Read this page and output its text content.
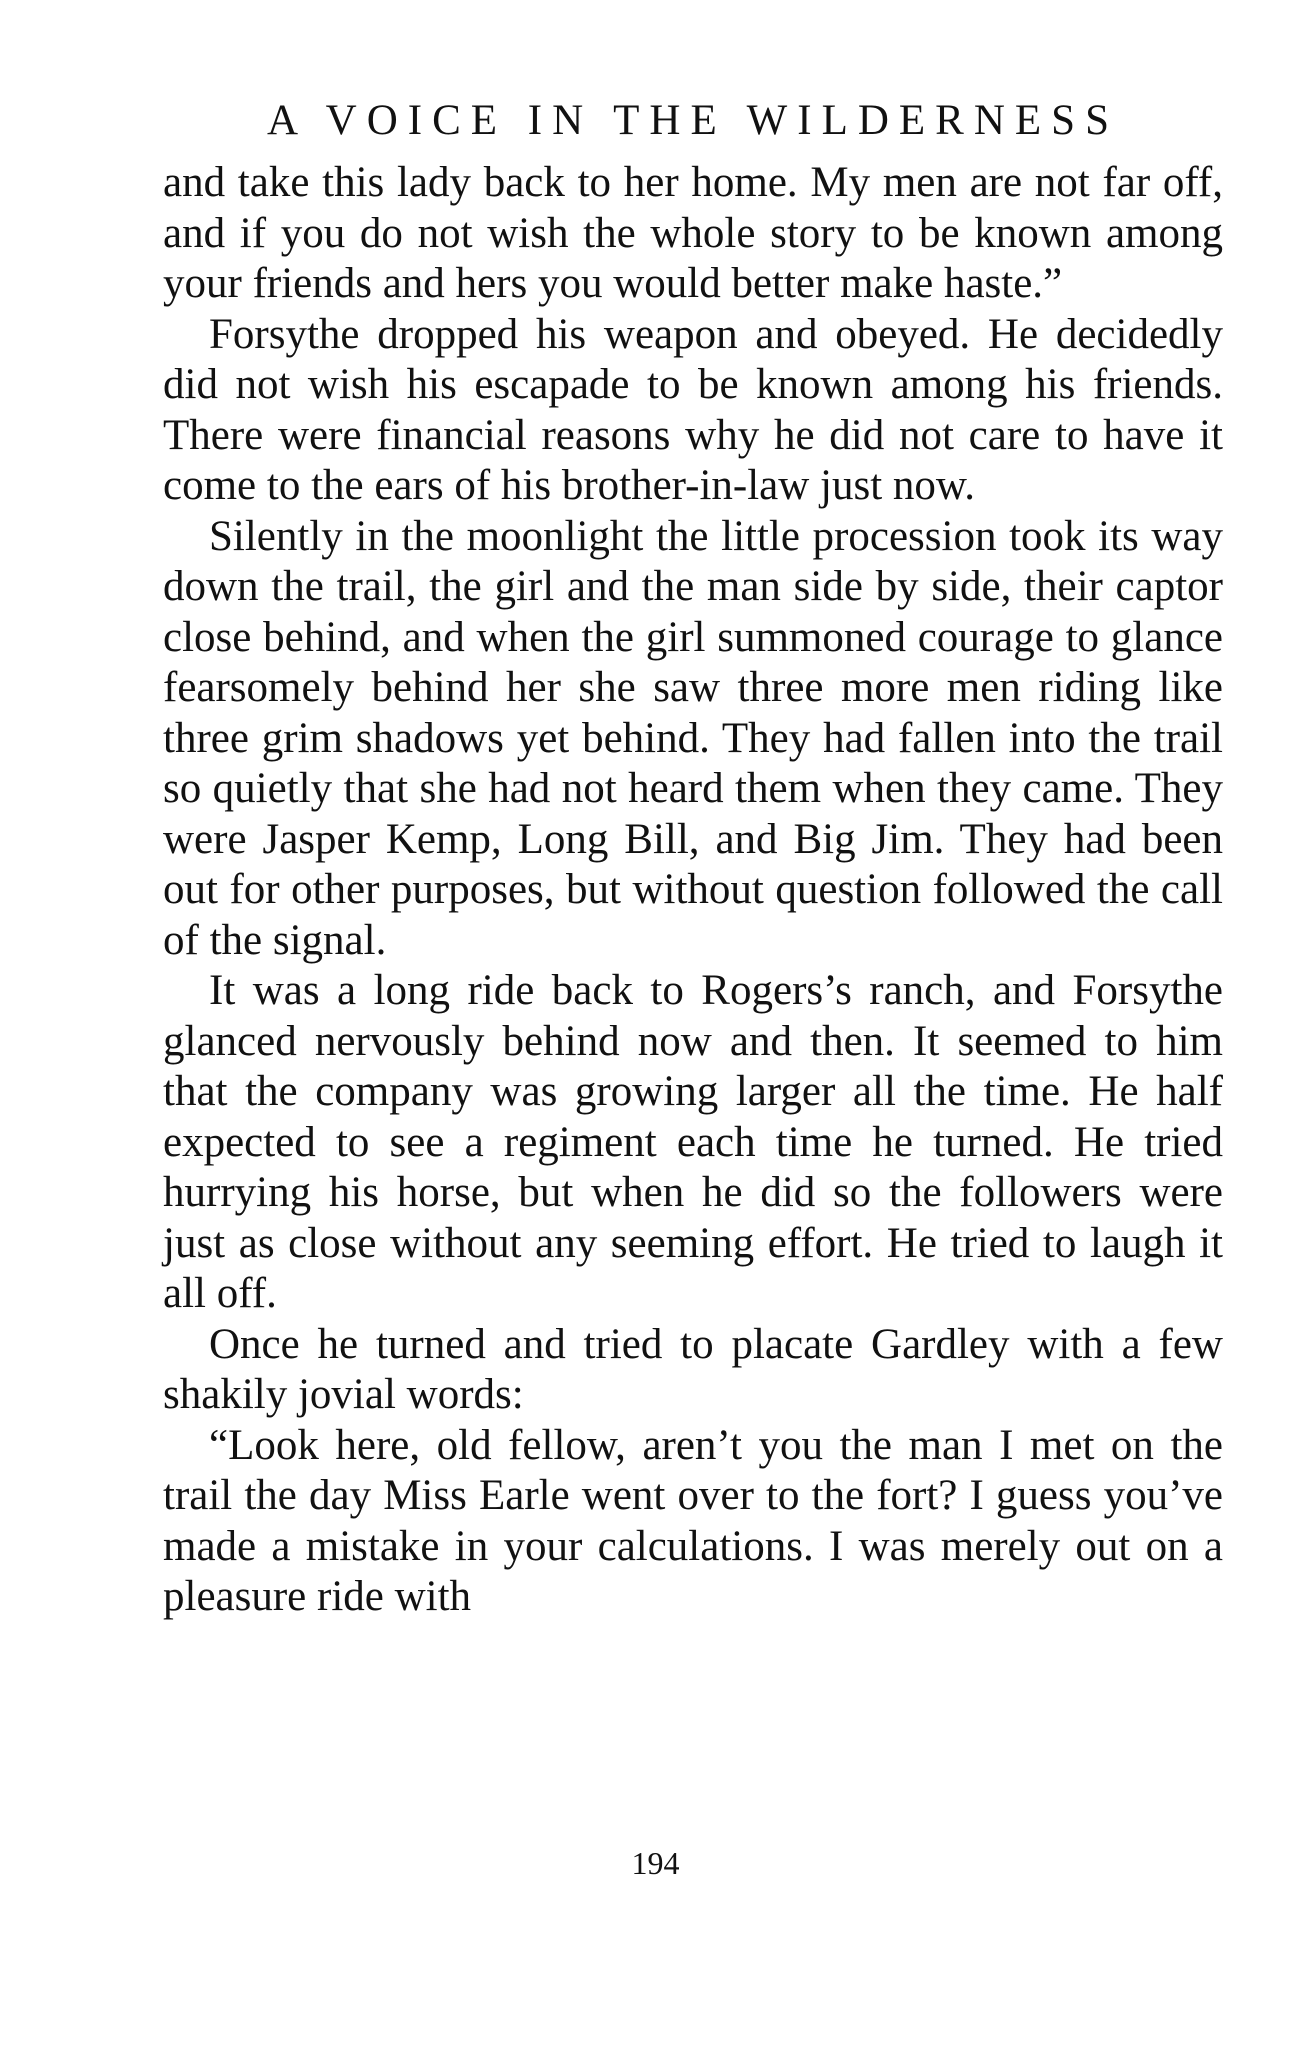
A VOICE IN THE WILDERNESS

and take this lady back to her home. My men are not far off, and if you do not wish the whole story to be known among your friends and hers you would better make haste.”

Forsythe dropped his weapon and obeyed. He decidedly did not wish his escapade to be known among his friends. There were financial reasons why he did not care to have it come to the ears of his brother-in-law just now.

Silently in the moonlight the little procession took its way down the trail, the girl and the man side by side, their captor close behind, and when the girl summoned courage to glance fearsomely behind her she saw three more men riding like three grim shadows yet behind. They had fallen into the trail so quietly that she had not heard them when they came. They were Jasper Kemp, Long Bill, and Big Jim. They had been out for other purposes, but without question followed the call of the signal.

It was a long ride back to Rogers’s ranch, and Forsythe glanced nervously behind now and then. It seemed to him that the company was growing larger all the time. He half expected to see a regiment each time he turned. He tried hurrying his horse, but when he did so the followers were just as close without any seeming effort. He tried to laugh it all off.

Once he turned and tried to placate Gardley with a few shakily jovial words:

“Look here, old fellow, aren’t you the man I met on the trail the day Miss Earle went over to the fort? I guess you’ve made a mistake in your calculations. I was merely out on a pleasure ride with

194
